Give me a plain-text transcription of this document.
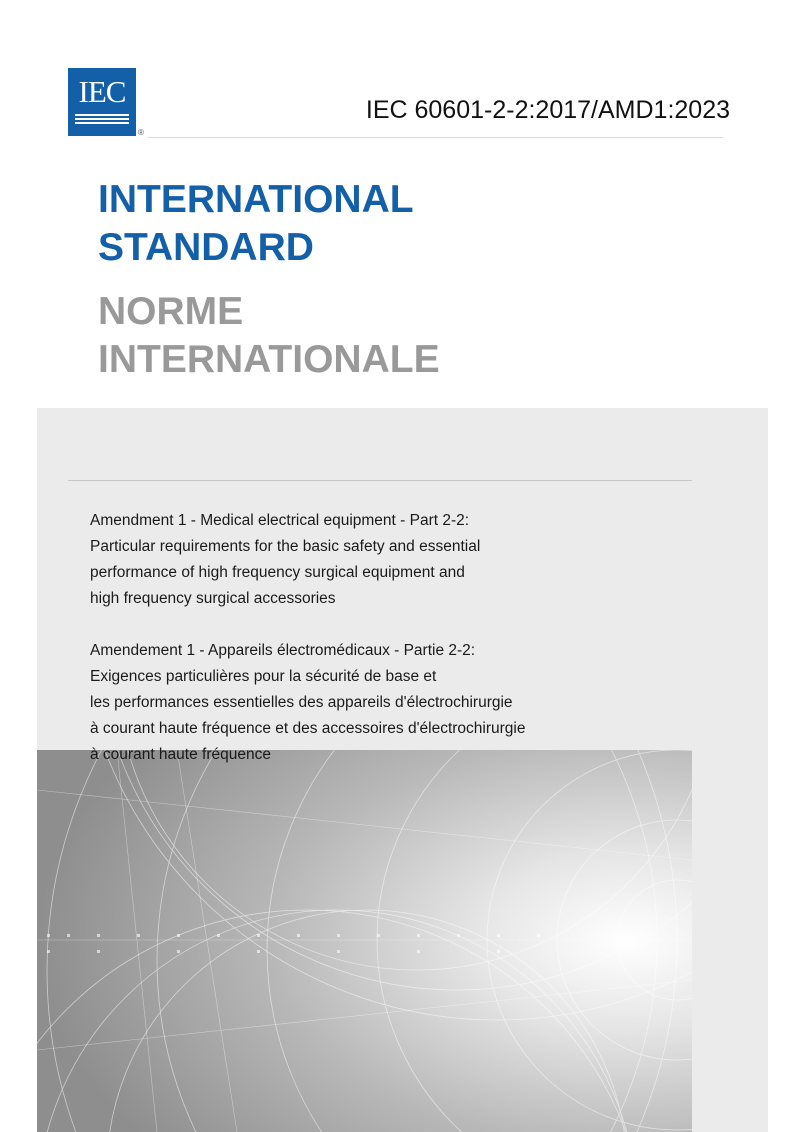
IEC
®
IEC 60601-2-2:2017/AMD1:2023
INTERNATIONAL
STANDARD
NORME
INTERNATIONALE
Amendment 1 - Medical electrical equipment - Part 2-2:
Particular requirements for the basic safety and essential
performance of high frequency surgical equipment and
high frequency surgical accessories
Amendement 1 - Appareils électromédicaux - Partie 2-2:
Exigences particulières pour la sécurité de base et
les performances essentielles des appareils d'électrochirurgie
à courant haute fréquence et des accessoires d'électrochirurgie
à courant haute fréquence
